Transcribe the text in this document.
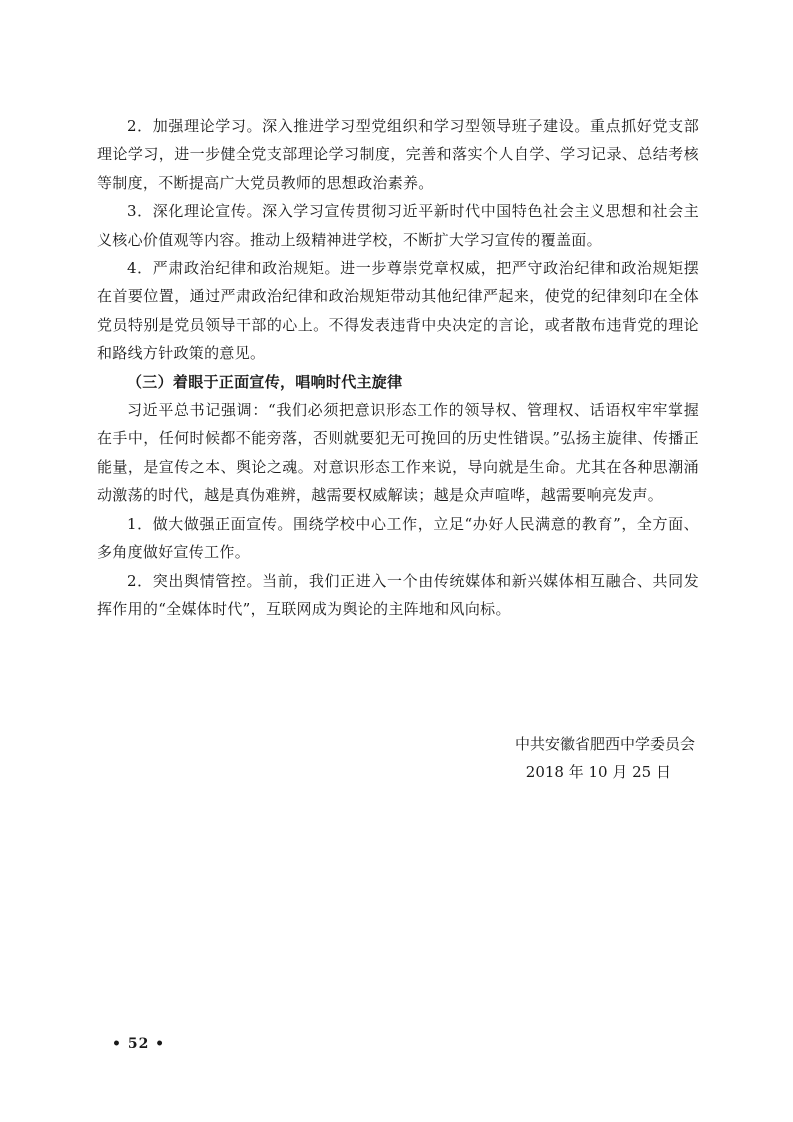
2．加强理论学习。深入推进学习型党组织和学习型领导班子建设。重点抓好党支部理论学习，进一步健全党支部理论学习制度，完善和落实个人自学、学习记录、总结考核等制度，不断提高广大党员教师的思想政治素养。

3．深化理论宣传。深入学习宣传贯彻习近平新时代中国特色社会主义思想和社会主义核心价值观等内容。推动上级精神进学校，不断扩大学习宣传的覆盖面。

4．严肃政治纪律和政治规矩。进一步尊崇党章权威，把严守政治纪律和政治规矩摆在首要位置，通过严肃政治纪律和政治规矩带动其他纪律严起来，使党的纪律刻印在全体党员特别是党员领导干部的心上。不得发表违背中央决定的言论，或者散布违背党的理论和路线方针政策的意见。

（三）着眼于正面宣传，唱响时代主旋律

习近平总书记强调：“我们必须把意识形态工作的领导权、管理权、话语权牢牢掌握在手中，任何时候都不能旁落，否则就要犯无可挽回的历史性错误。”弘扬主旋律、传播正能量，是宣传之本、舆论之魂。对意识形态工作来说，导向就是生命。尤其在各种思潮涌动激荡的时代，越是真伪难辨，越需要权威解读；越是众声喧哗，越需要响亮发声。

1．做大做强正面宣传。围绕学校中心工作，立足“办好人民满意的教育”，全方面、多角度做好宣传工作。

2．突出舆情管控。当前，我们正进入一个由传统媒体和新兴媒体相互融合、共同发挥作用的“全媒体时代”，互联网成为舆论的主阵地和风向标。

中共安徽省肥西中学委员会
2018 年 10 月 25 日
• 52 •
